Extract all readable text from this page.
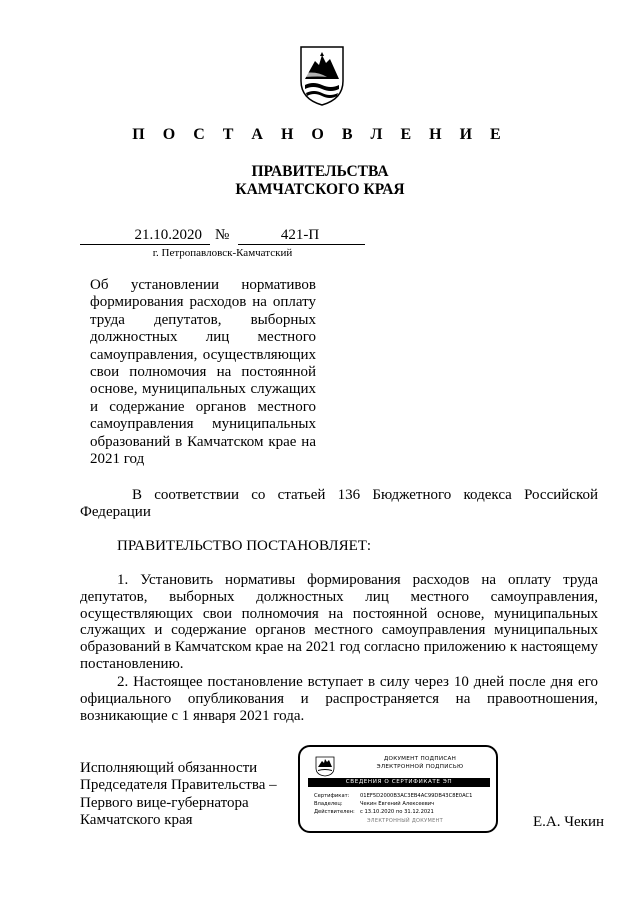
П О С Т А Н О В Л Е Н И Е
ПРАВИТЕЛЬСТВА
КАМЧАТСКОГО КРАЯ
21.10.2020 №	421-П
г. Петропавловск-Камчатский
Об установлении нормативов формирования расходов на оплату труда депутатов, выборных должностных лиц местного самоуправления, осуществляющих свои полномочия на постоянной основе, муниципальных служащих и содержание органов местного самоуправления муниципальных образований в Камчатском крае на 2021 год
В соответствии со статьей 136 Бюджетного кодекса Российской Федерации
ПРАВИТЕЛЬСТВО ПОСТАНОВЛЯЕТ:
1. Установить нормативы формирования расходов на оплату труда депутатов, выборных должностных лиц местного самоуправления, осуществляющих свои полномочия на постоянной основе, муниципальных служащих и содержание органов местного самоуправления муниципальных образований в Камчатском крае на 2021 год согласно приложению к настоящему постановлению.
2. Настоящее постановление вступает в силу через 10 дней после дня его официального опубликования и распространяется на правоотношения, возникающие с 1 января 2021 года.
Исполняющий обязанности
Председателя Правительства –
Первого вице-губернатора
Камчатского края
ДОКУМЕНТ ПОДПИСАН
ЭЛЕКТРОННОЙ ПОДПИСЬЮ
СВЕДЕНИЯ О СЕРТИФИКАТЕ ЭП
Сертификат: 01EF5D2000B3AC3EB4AC99DB43C8E0AC1
Владелец:	Чекин Евгений Алексеевич
Действителен: с 13.10.2020 по 31.12.2021
ЭЛЕКТРОННЫЙ ДОКУМЕНТ	Е.А. Чекин
